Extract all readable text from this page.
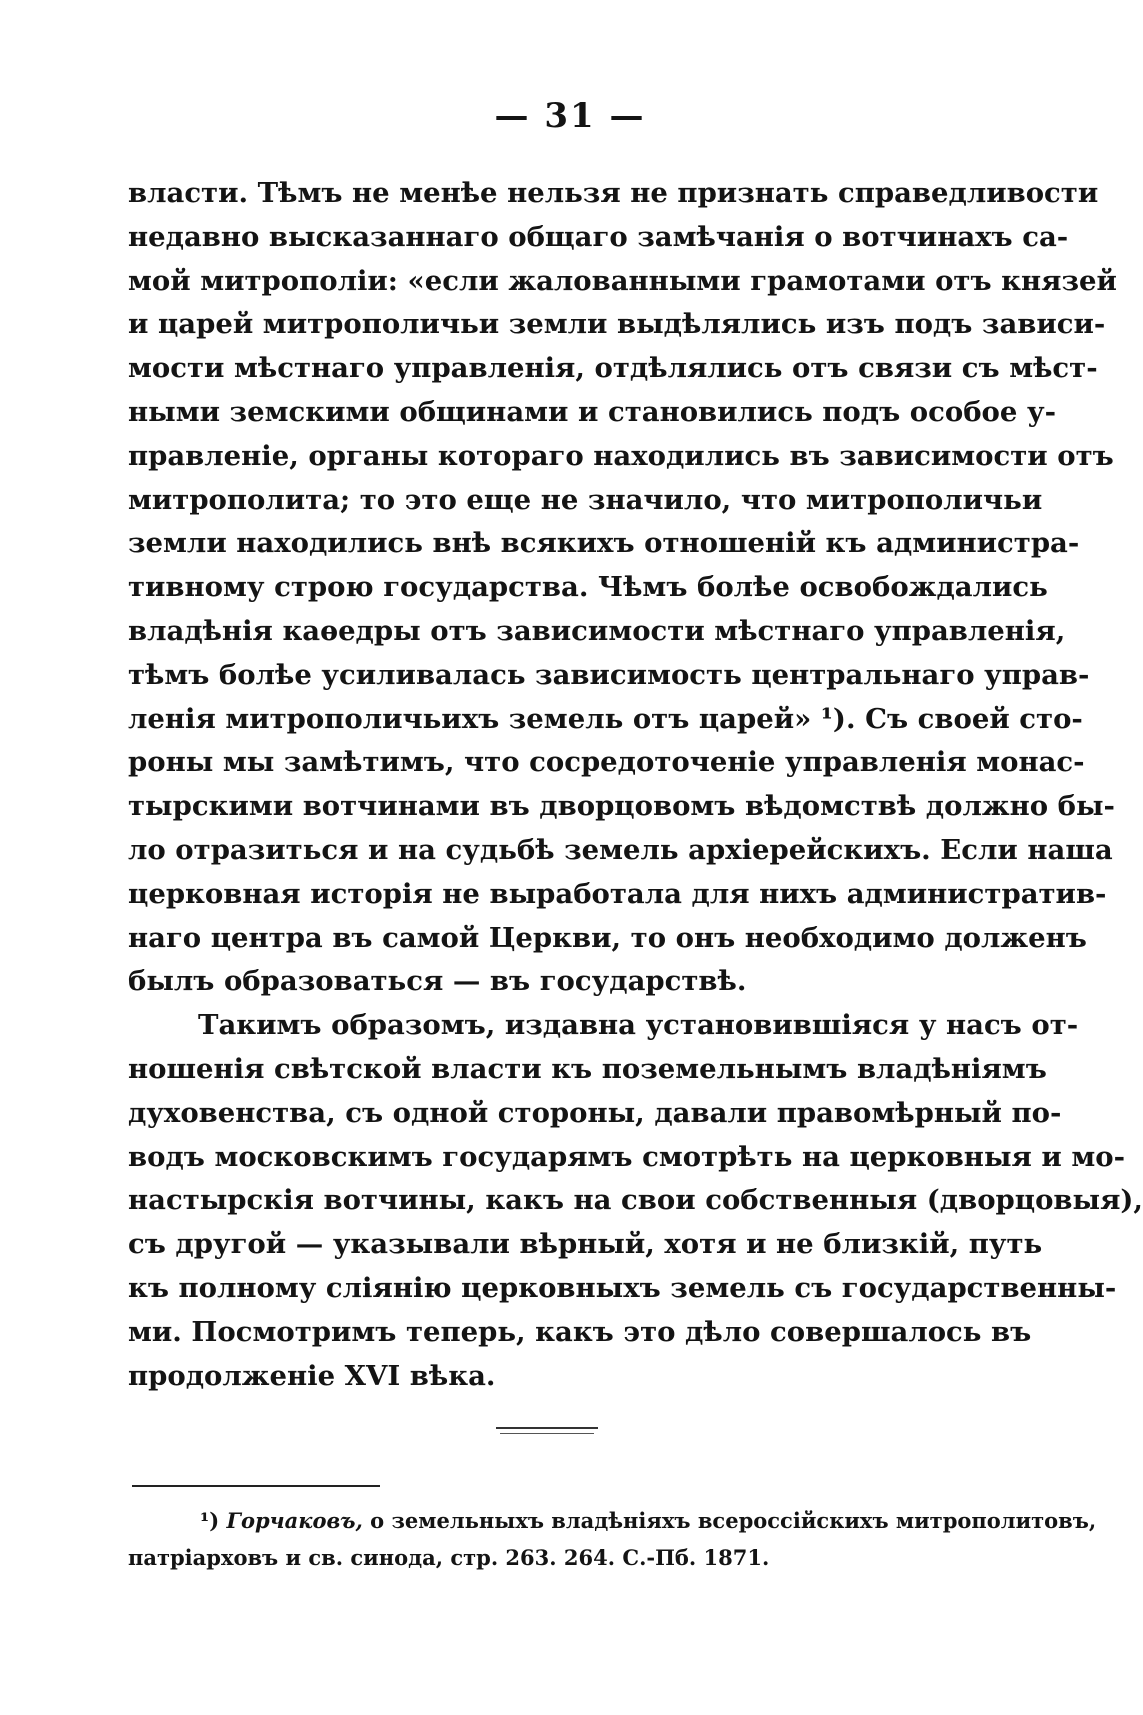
— 31 —
власти. Тѣмъ не менѣе нельзя не признать справедливости
недавно высказаннаго общаго замѣчанія о вотчинахъ са-
мой митрополіи: «если жалованными грамотами отъ князей
и царей митрополичьи земли выдѣлялись изъ подъ зависи-
мости мѣстнаго управленія, отдѣлялись отъ связи съ мѣст-
ными земскими общинами и становились подъ особое у-
правленіе, органы котораго находились въ зависимости отъ
митрополита; то это еще не значило, что митрополичьи
земли находились внѣ всякихъ отношеній къ администра-
тивному строю государства. Чѣмъ болѣе освобождались
владѣнія каѳедры отъ зависимости мѣстнаго управленія,
тѣмъ болѣе усиливалась зависимость центральнаго управ-
ленія митрополичьихъ земель отъ царей» ¹). Съ своей сто-
роны мы замѣтимъ, что сосредоточеніе управленія монас-
тырскими вотчинами въ дворцовомъ вѣдомствѣ должно бы-
ло отразиться и на судьбѣ земель архіерейскихъ. Если наша
церковная исторія не выработала для нихъ административ-
наго центра въ самой Церкви, то онъ необходимо долженъ
былъ образоваться — въ государствѣ.
Такимъ образомъ, издавна установившіяся у насъ от-
ношенія свѣтской власти къ поземельнымъ владѣніямъ
духовенства, съ одной стороны, давали правомѣрный по-
водъ московскимъ государямъ смотрѣть на церковныя и мо-
настырскія вотчины, какъ на свои собственныя (дворцовыя),
съ другой — указывали вѣрный, хотя и не близкій, путь
къ полному слiянію церковныхъ земель съ государственны-
ми. Посмотримъ теперь, какъ это дѣло совершалось въ
продолженіе XVI вѣка.
¹) Горчаковъ, о земельныхъ владѣніяхъ всероссійскихъ митрополитовъ,
патріарховъ и св. синода, стр. 263. 264. С.-Пб. 1871.
